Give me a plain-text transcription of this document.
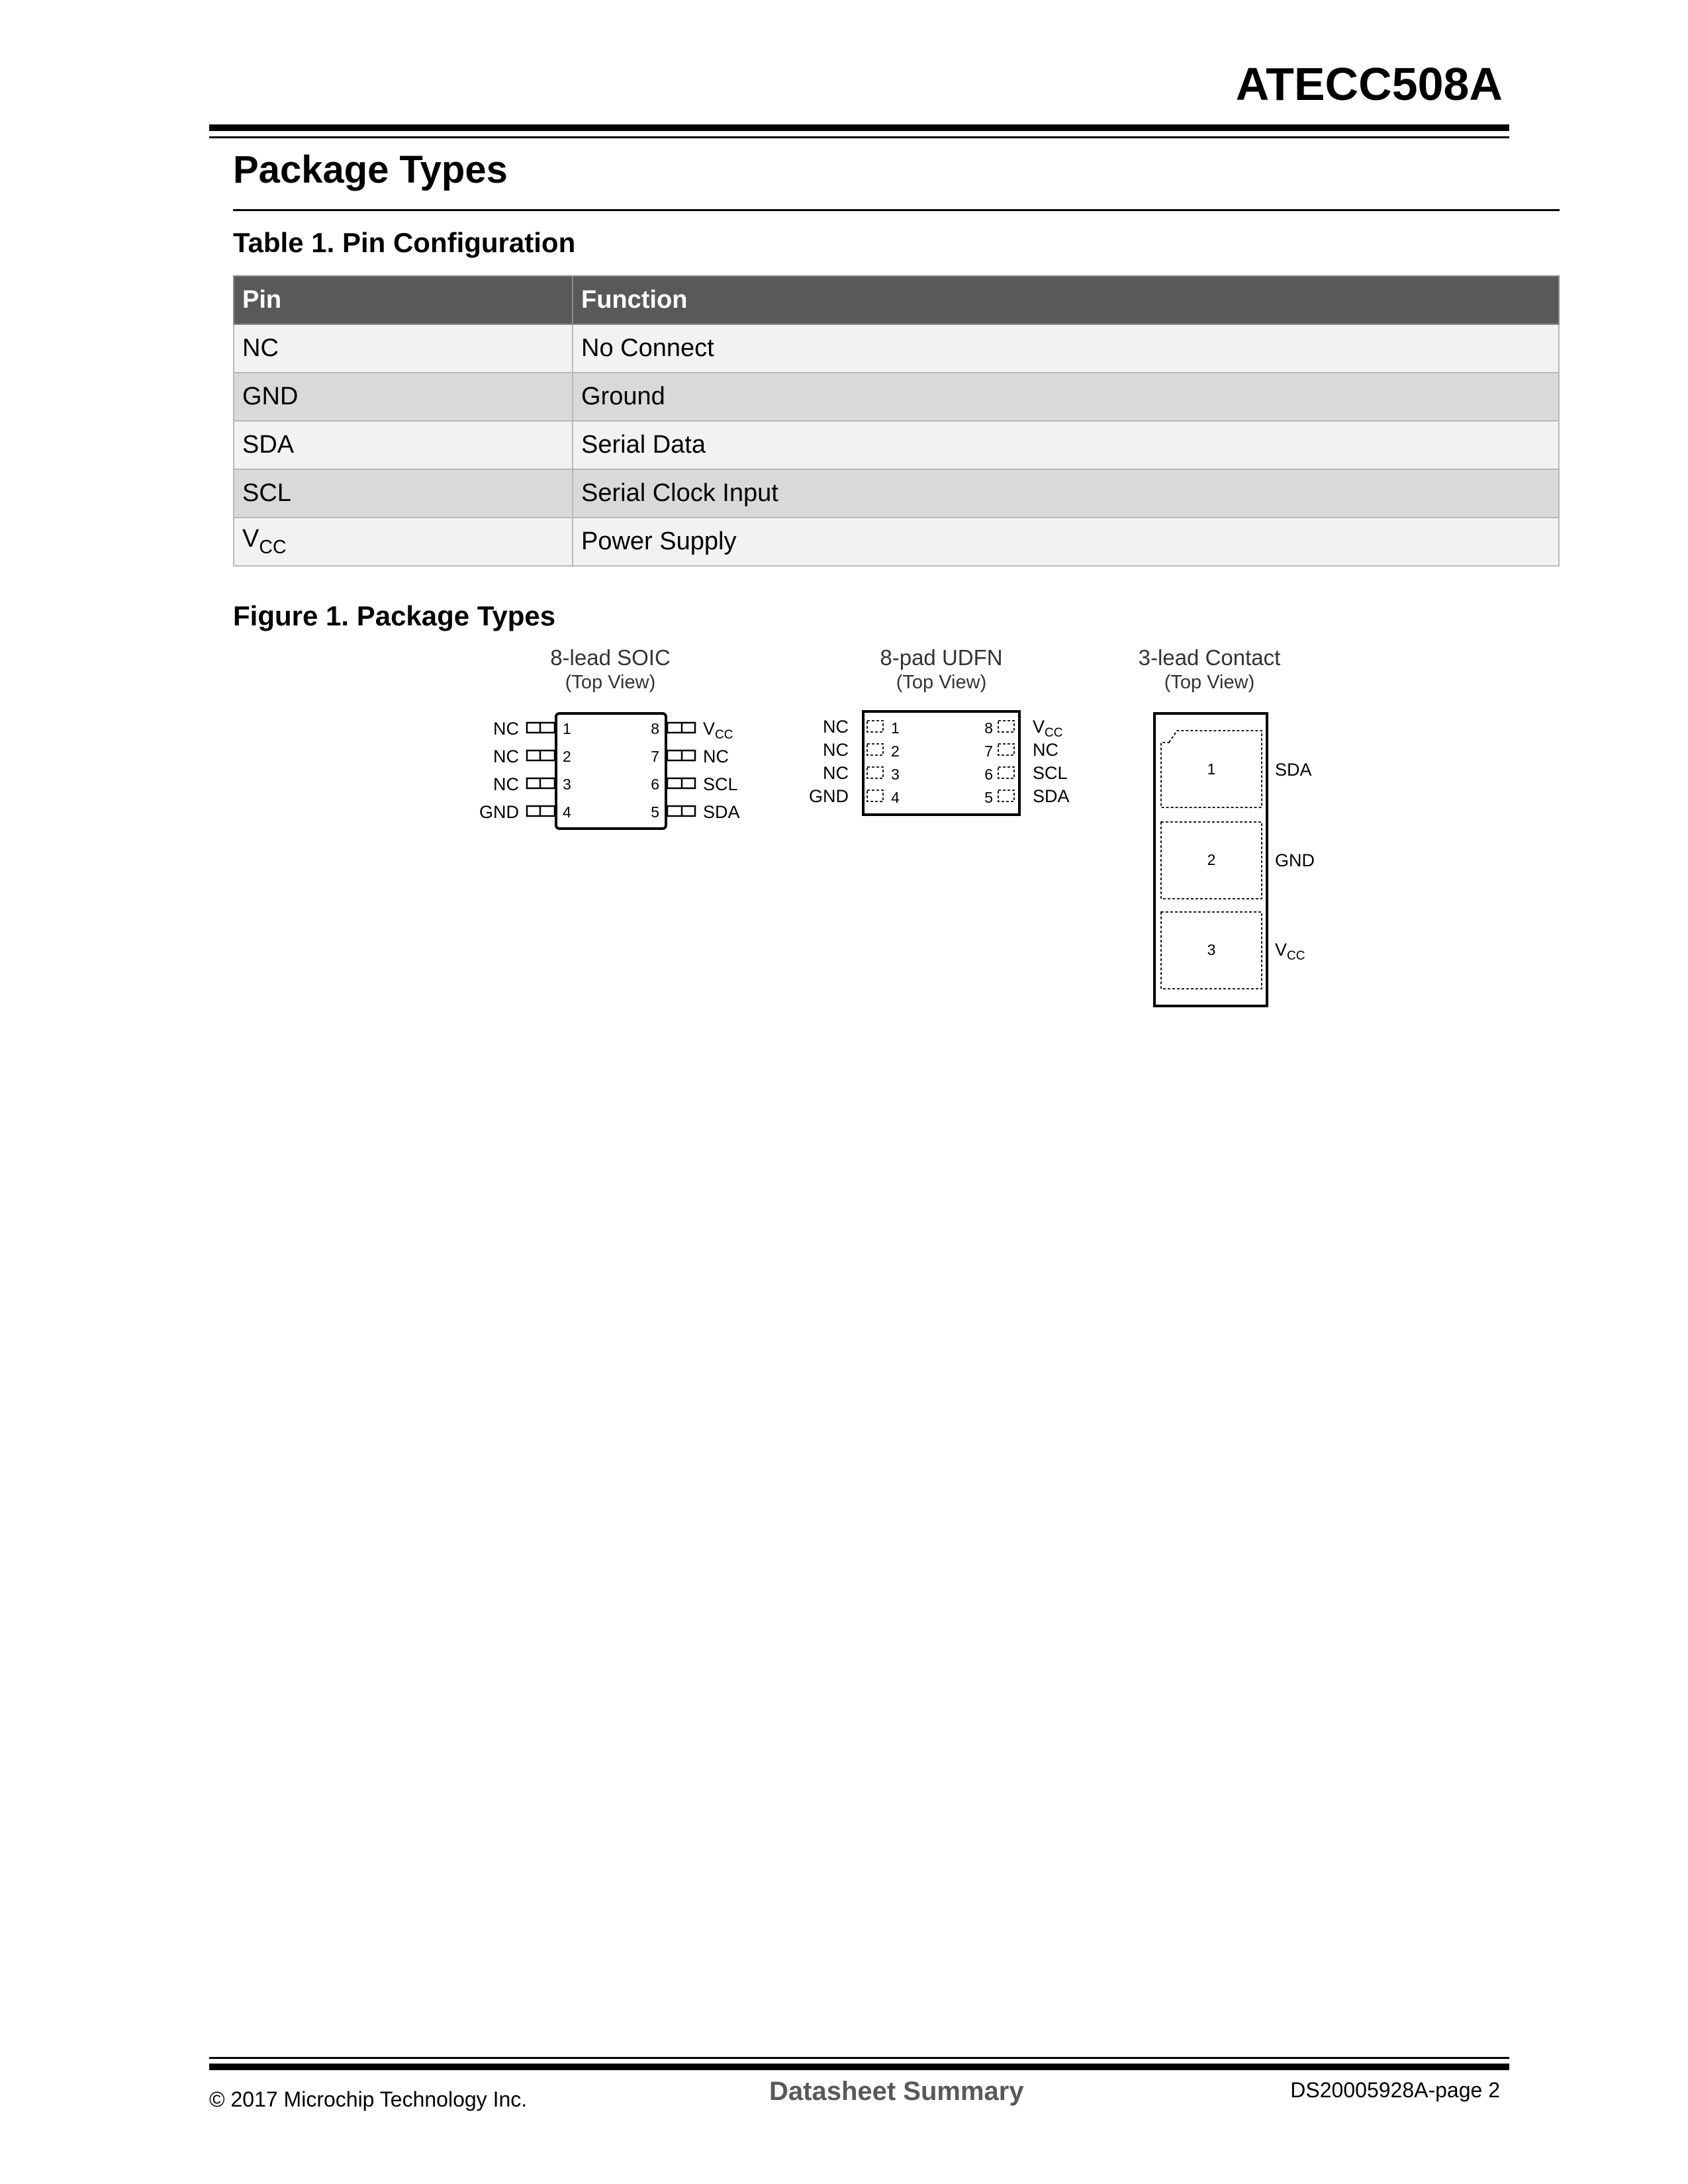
ATECC508A
Package Types
Table 1. Pin Configuration
Pin	Function
NC	No Connect
GND	Ground
SDA	Serial Data
SCL	Serial Clock Input
$V_{CC}$	Power Supply
Figure 1. Package Types
8-lead SOIC
(Top View)
NC
NC
NC
GND
1
2
3
4
8
7
6
5
$V_{CC}$
NC
SCL
SDA
8-pad UDFN
(Top View)
NC
NC
NC
GND
1
2
3
4
8
7
6
5
$V_{CC}$
NC
SCL
SDA
3-lead Contact
(Top View)
1
2
3
SDA
GND
$V_{CC}$
© 2017 Microchip Technology Inc.	Datasheet Summary	DS20005928A-page 2
